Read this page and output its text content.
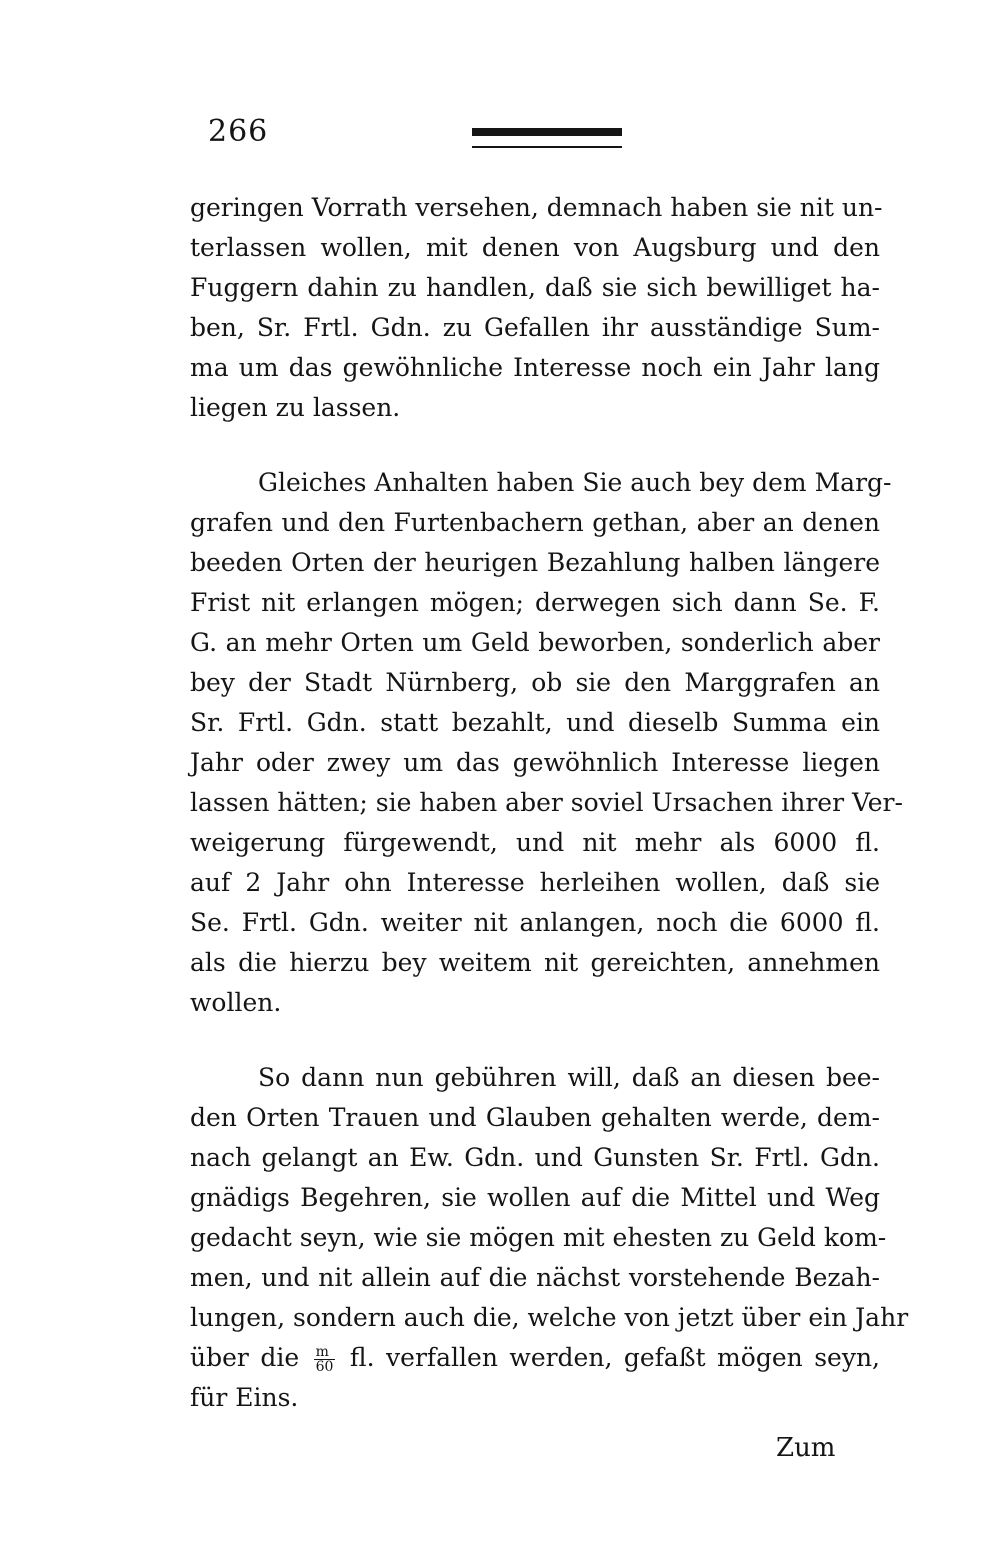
266
geringen Vorrath versehen, demnach haben sie nit un-
terlassen wollen, mit denen von Augsburg und den
Fuggern dahin zu handlen, daß sie sich bewilliget ha-
ben, Sr. Frtl. Gdn. zu Gefallen ihr ausständige Sum-
ma um das gewöhnliche Interesse noch ein Jahr lang
liegen zu lassen.
Gleiches Anhalten haben Sie auch bey dem Marg-
grafen und den Furtenbachern gethan, aber an denen
beeden Orten der heurigen Bezahlung halben längere
Frist nit erlangen mögen; derwegen sich dann Se. F.
G. an mehr Orten um Geld beworben, sonderlich aber
bey der Stadt Nürnberg, ob sie den Marggrafen an
Sr. Frtl. Gdn. statt bezahlt, und dieselb Summa ein
Jahr oder zwey um das gewöhnlich Interesse liegen
lassen hätten; sie haben aber soviel Ursachen ihrer Ver-
weigerung fürgewendt, und nit mehr als 6000 fl.
auf 2 Jahr ohn Interesse herleihen wollen, daß sie
Se. Frtl. Gdn. weiter nit anlangen, noch die 6000 fl.
als die hierzu bey weitem nit gereichten, annehmen
wollen.
So dann nun gebühren will, daß an diesen bee-
den Orten Trauen und Glauben gehalten werde, dem-
nach gelangt an Ew. Gdn. und Gunsten Sr. Frtl. Gdn.
gnädigs Begehren, sie wollen auf die Mittel und Weg
gedacht seyn, wie sie mögen mit ehesten zu Geld kom-
men, und nit allein auf die nächst vorstehende Bezah-
lungen, sondern auch die, welche von jetzt über ein Jahr
über die $\frac{m}{60}$ fl. verfallen werden, gefaßt mögen seyn,
für Eins.
Zum
